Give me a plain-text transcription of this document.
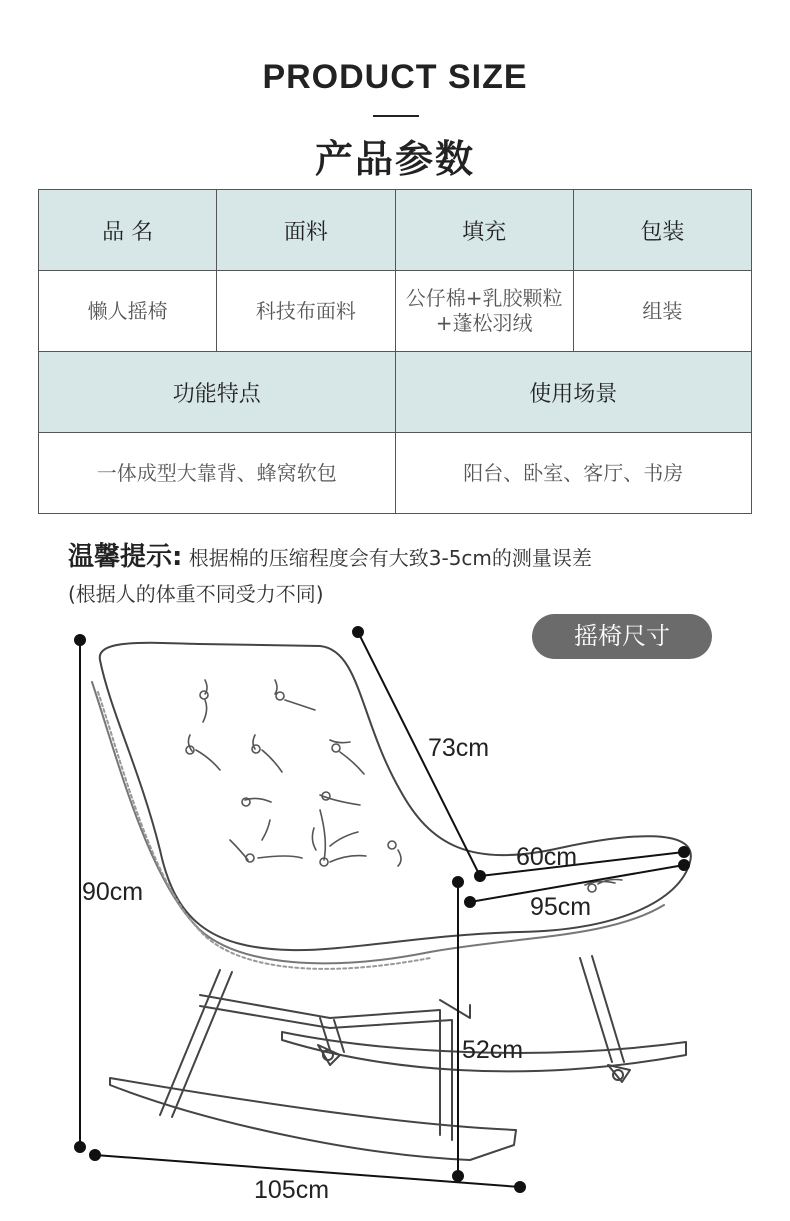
PRODUCT SIZE
产品参数
品 名	面料	填充	包装
懒人摇椅	科技布面料	公仔棉+乳胶颗粒
+蓬松羽绒	组装
功能特点		使用场景	
一体成型大靠背、蜂窝软包		阳台、卧室、客厅、书房	
温馨提示: 根据棉的压缩程度会有大致3-5cm的测量误差
(根据人的体重不同受力不同)
摇椅尺寸
90cm
73cm
60cm
95cm
52cm
105cm
